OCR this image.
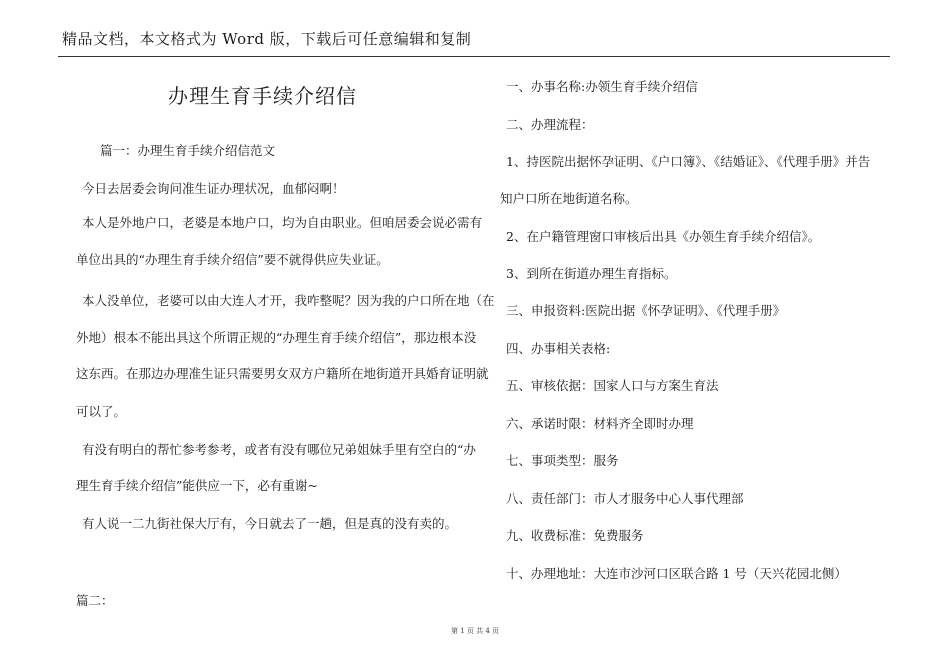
精品文档，本文格式为 Word 版，下载后可任意编辑和复制
办理生育手续介绍信
篇一：办理生育手续介绍信范文
今日去居委会询问准生证办理状况，血郁闷啊！
本人是外地户口，老婆是本地户口，均为自由职业。但咱居委会说必需有
单位出具的“办理生育手续介绍信”要不就得供应失业证。
本人没单位，老婆可以由大连人才开，我咋整呢？因为我的户口所在地（在
外地）根本不能出具这个所谓正规的“办理生育手续介绍信”，那边根本没
这东西。在那边办理准生证只需要男女双方户籍所在地街道开具婚育证明就
可以了。
有没有明白的帮忙参考参考，或者有没有哪位兄弟姐妹手里有空白的“办
理生育手续介绍信”能供应一下，必有重谢~
有人说一二九街社保大厅有，今日就去了一趟，但是真的没有卖的。
篇二：
一、办事名称:办领生育手续介绍信
二、办理流程：
1、持医院出据怀孕证明、《户口簿》、《结婚证》、《代理手册》并告
知户口所在地街道名称。
2、在户籍管理窗口审核后出具《办领生育手续介绍信》。
3、到所在街道办理生育指标。
三、申报资料:医院出据《怀孕证明》、《代理手册》
四、办事相关表格:
五、审核依据：国家人口与方案生育法
六、承诺时限：材料齐全即时办理
七、事项类型：服务
八、责任部门：市人才服务中心人事代理部
九、收费标准：免费服务
十、办理地址：大连市沙河口区联合路 1 号（天兴花园北侧）
第 1 页 共 4 页
